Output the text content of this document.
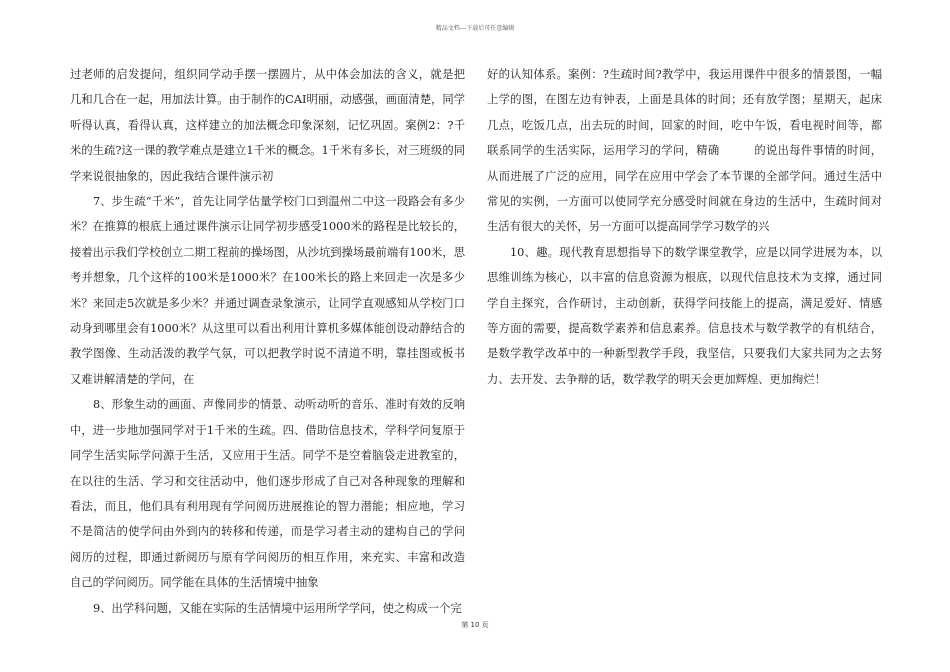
精品文档---下载后可任意编辑

过老师的启发提问，组织同学动手摆一摆圆片，从中体会加法的含义，就是把几和几合在一起，用加法计算。由于制作的CAI明丽，动感强，画面清楚，同学听得认真，看得认真，这样建立的加法概念印象深刻，记忆巩固。案例2：?千米的生疏?这一课的教学难点是建立1千米的概念。1千米有多长，对三班级的同学来说很抽象的，因此我结合课件演示初

7、步生疏“千米”，首先让同学估量学校门口到温州二中这一段路会有多少米？在推算的根底上通过课件演示让同学初步感受1000米的路程是比较长的，接着出示我们学校创立二期工程前的操场图，从沙坑到操场最前端有100米，思考并想象，几个这样的100米是1000米？在100米长的路上来回走一次是多少米？来回走5次就是多少米？并通过调查录象演示，让同学直观感知从学校门口动身到哪里会有1000米？从这里可以看出利用计算机多媒体能创设动静结合的教学图像、生动活泼的教学气氛，可以把教学时说不清道不明，靠挂图或板书又难讲解清楚的学问，在

8、形象生动的画面、声像同步的情景、动听动听的音乐、准时有效的反响中，进一步地加强同学对于1千米的生疏。四、借助信息技术，学科学问复原于同学生活实际学问源于生活，又应用于生活。同学不是空着脑袋走进教室的，在以往的生活、学习和交往活动中，他们逐步形成了自己对各种现象的理解和看法，而且，他们具有利用现有学问阅历进展推论的智力潜能；相应地，学习不是简洁的使学问由外到内的转移和传递，而是学习者主动的建构自己的学问阅历的过程，即通过新阅历与原有学问阅历的相互作用，来充实、丰富和改造自己的学问阅历。同学能在具体的生活情境中抽象

9、出学科问题，又能在实际的生活情境中运用所学学问，使之构成一个完

好的认知体系。案例：?生疏时间?教学中，我运用课件中很多的情景图，一幅上学的图，在图左边有钟表，上面是具体的时间；还有放学图；星期天，起床几点，吃饭几点，出去玩的时间，回家的时间，吃中午饭，看电视时间等，都联系同学的生活实际，运用学习的学问，精确　　　的说出每件事情的时间，从而进展了广泛的应用，同学在应用中学会了本节课的全部学问。通过生活中常见的实例，一方面可以使同学充分感受时间就在身边的生活中，生疏时间对生活有很大的关怀，另一方面可以提高同学学习数学的兴

10、趣。现代教育思想指导下的数学课堂教学，应是以同学进展为本，以思维训练为核心，以丰富的信息资源为根底，以现代信息技术为支撑，通过同学自主探究，合作研讨，主动创新，获得学问技能上的提高，满足爱好、情感等方面的需要，提高数学素养和信息素养。信息技术与数学教学的有机结合，是数学教学改革中的一种新型教学手段，我坚信，只要我们大家共同为之去努力、去开发、去争辩的话，数学教学的明天会更加辉煌、更加绚烂！

第 10 页
